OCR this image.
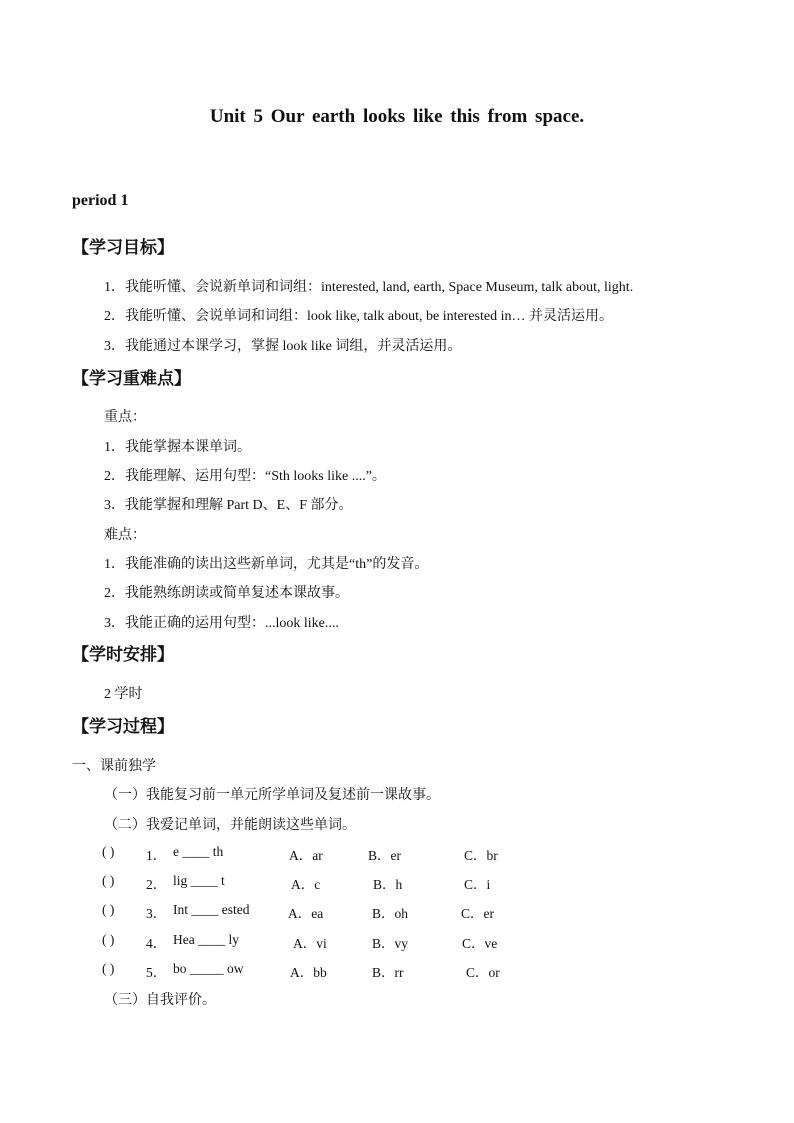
Unit 5 Our earth looks like this from space.
period 1
【学习目标】
1．我能听懂、会说新单词和词组：interested, land, earth, Space Museum, talk about, light.
2．我能听懂、会说单词和词组：look like, talk about, be interested in… 并灵活运用。
3．我能通过本课学习，掌握 look like 词组，并灵活运用。
【学习重难点】
重点：
1．我能掌握本课单词。
2．我能理解、运用句型：“Sth looks like ....”。
3．我能掌握和理解 Part D、E、F 部分。
难点：
1．我能准确的读出这些新单词，尤其是“th”的发音。
2．我能熟练朗读或简单复述本课故事。
3．我能正确的运用句型：...look like....
【学时安排】
2 学时
【学习过程】
一、课前独学
（一）我能复习前一单元所学单词及复述前一课故事。
（二）我爱记单词，并能朗读这些单词。
( ) 1． e ____ th	A．ar	B．er	C．br
( ) 2． lig ____ t	A．c	B．h	C．i
( ) 3． Int ____ ested	A．ea	B．oh	C．er
( ) 4． Hea ____ ly	A．vi	B．vy	C．ve
( ) 5． bo _____ ow	A．bb	B．rr	C．or
（三）自我评价。
